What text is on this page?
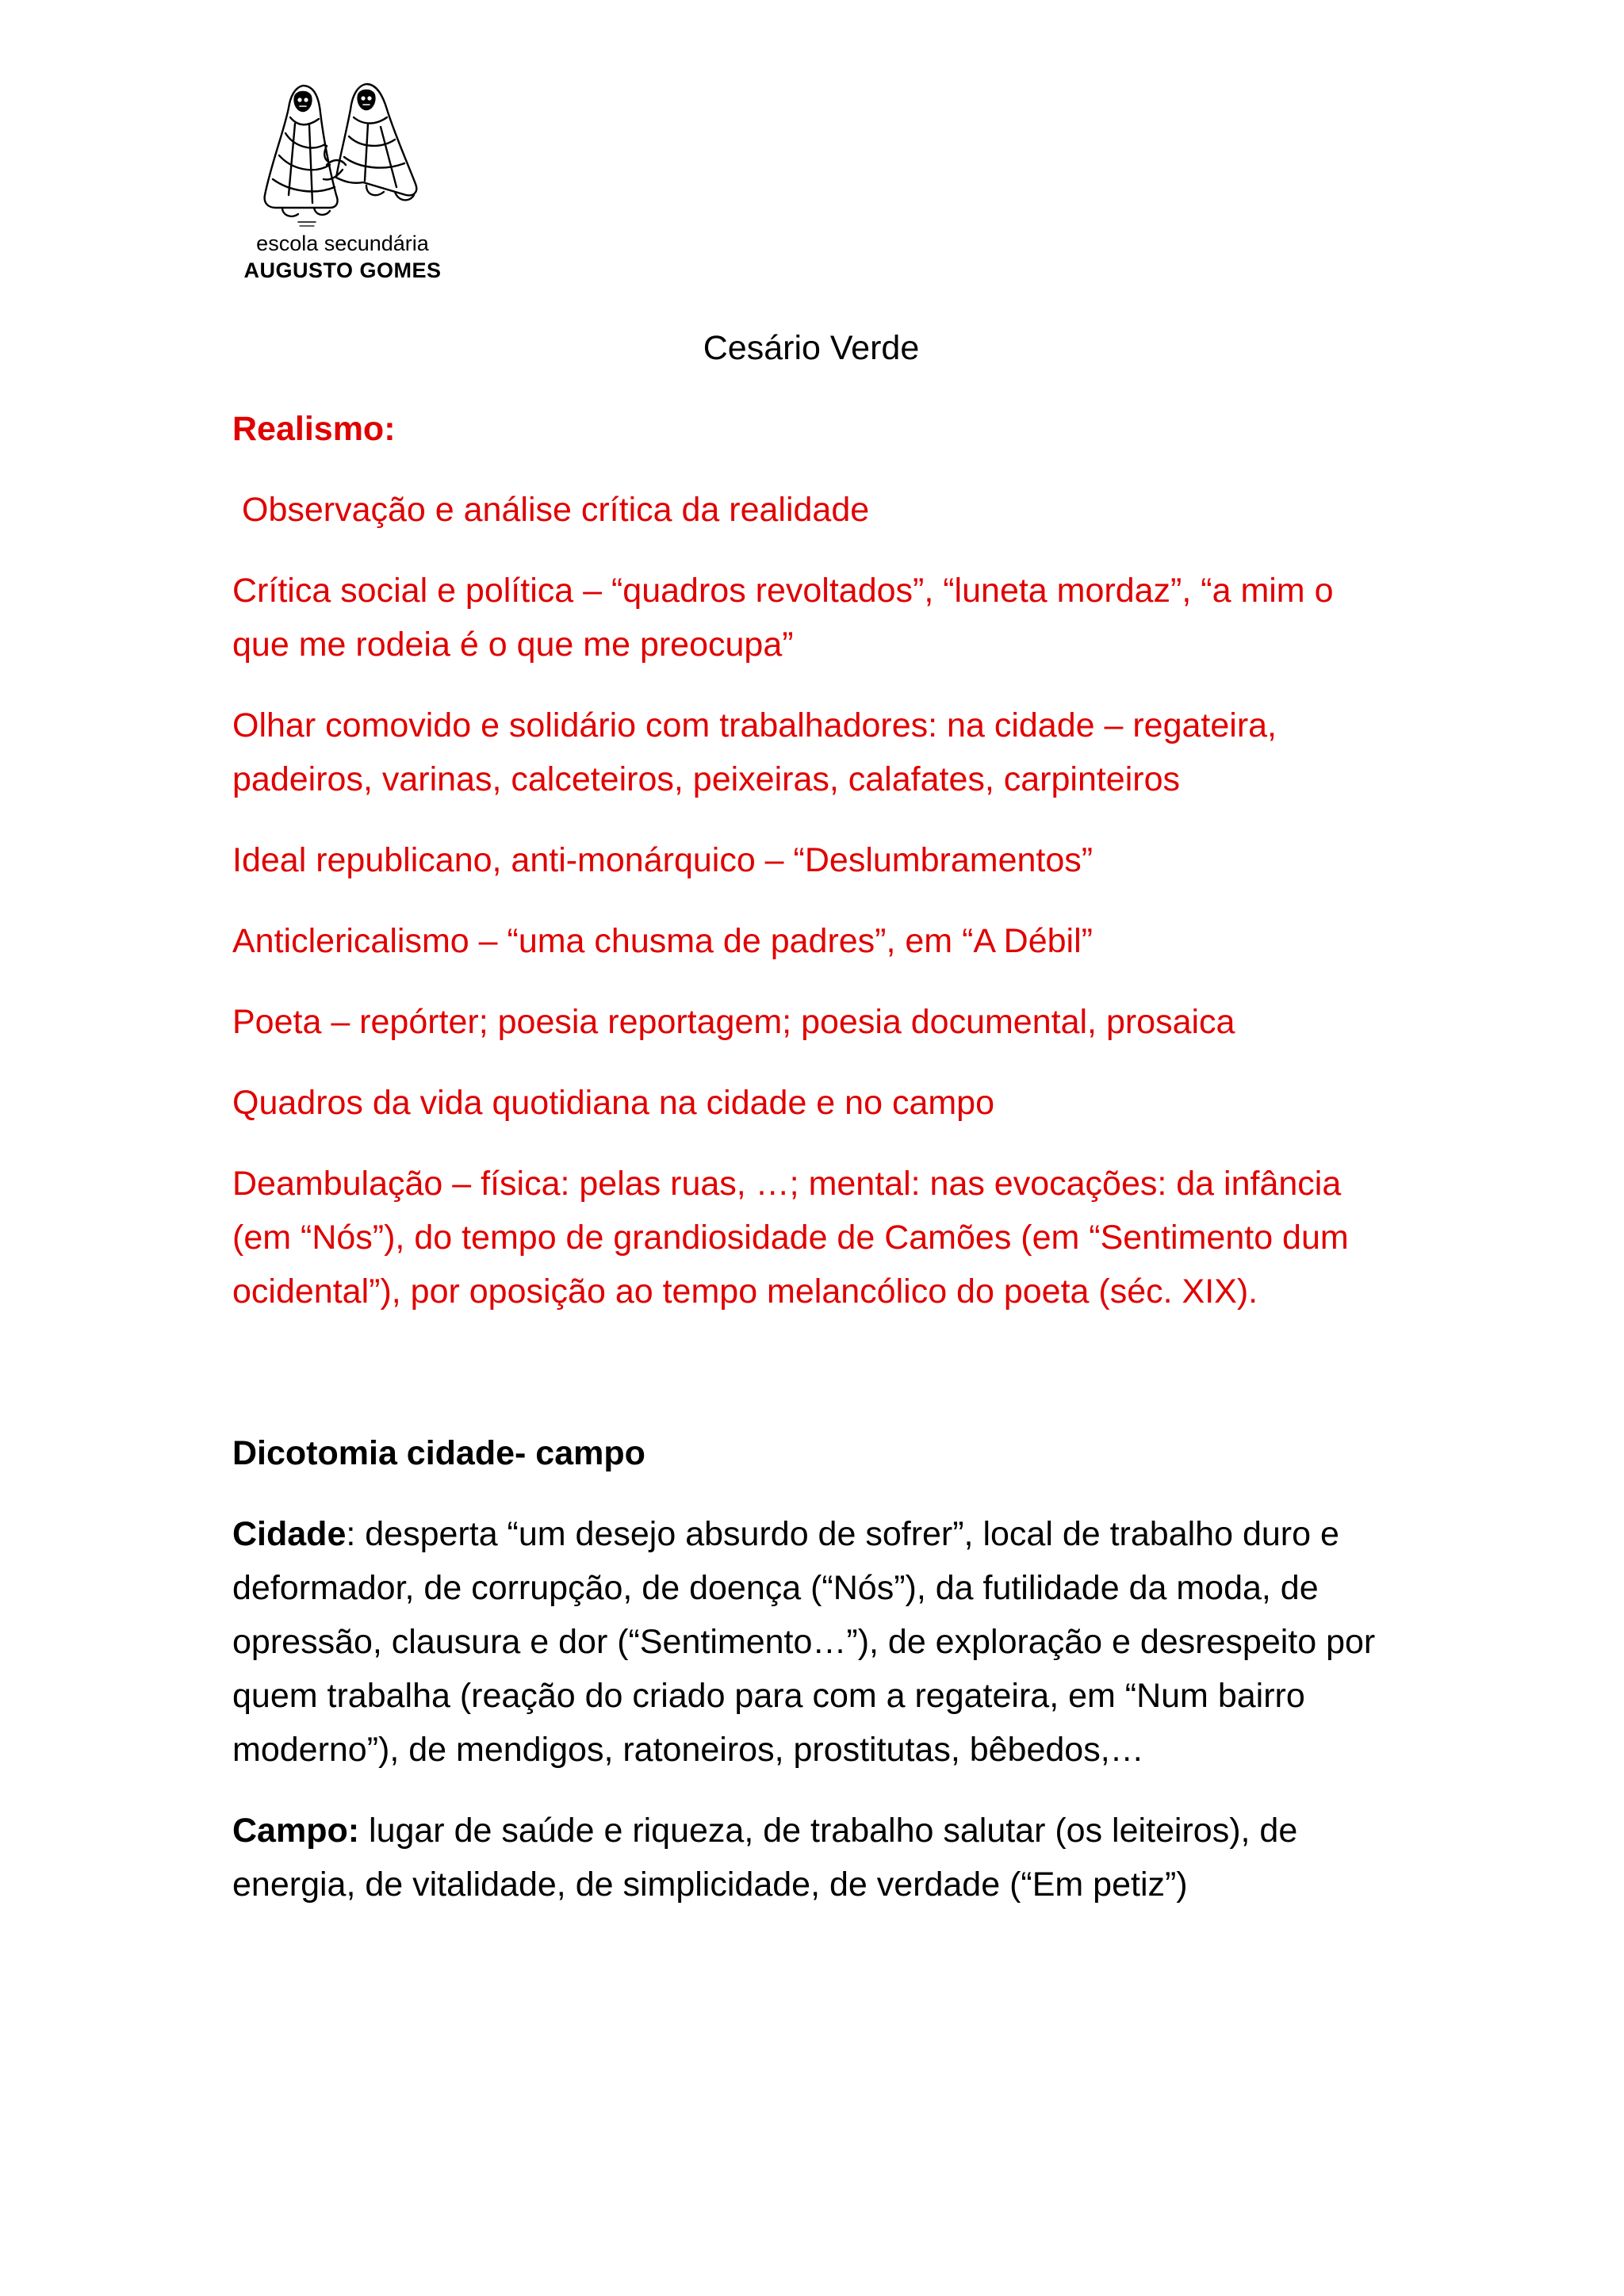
escola secundária
AUGUSTO GOMES
Cesário Verde
Realismo:
Observação e análise crítica da realidade
Crítica social e política – “quadros revoltados”, “luneta mordaz”, “a mim o que me rodeia é o que me preocupa”
Olhar comovido e solidário com trabalhadores: na cidade – regateira, padeiros, varinas, calceteiros, peixeiras, calafates, carpinteiros
Ideal republicano, anti-monárquico – “Deslumbramentos”
Anticlericalismo – “uma chusma de padres”, em “A Débil”
Poeta – repórter; poesia reportagem; poesia documental, prosaica
Quadros da vida quotidiana na cidade e no campo
Deambulação – física: pelas ruas, …; mental: nas evocações: da infância (em “Nós”), do tempo de grandiosidade de Camões (em “Sentimento dum ocidental”), por oposição ao tempo melancólico do poeta (séc. XIX).
Dicotomia cidade- campo
Cidade: desperta “um desejo absurdo de sofrer”, local de trabalho duro e deformador, de corrupção, de doença (“Nós”), da futilidade da moda, de opressão, clausura e dor (“Sentimento…”), de exploração e desrespeito por quem trabalha (reação do criado para com a regateira, em “Num bairro moderno”), de mendigos, ratoneiros, prostitutas, bêbedos,…
Campo: lugar de saúde e riqueza, de trabalho salutar (os leiteiros), de energia, de vitalidade, de simplicidade, de verdade (“Em petiz”)
